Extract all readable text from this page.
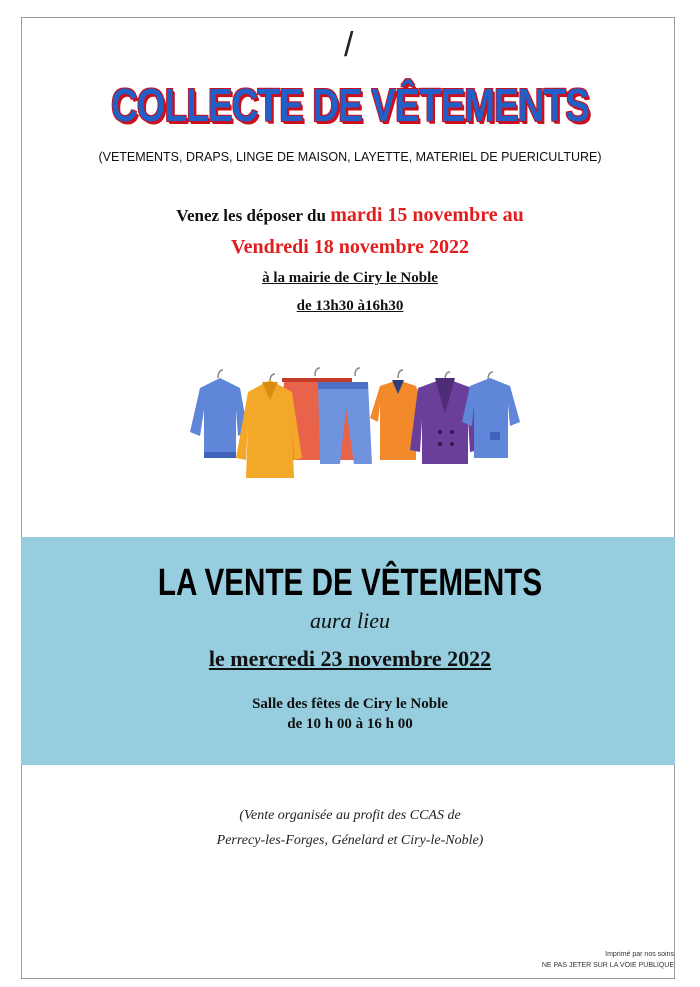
/
COLLECTE DE VÊTEMENTS
(VETEMENTS, DRAPS, LINGE DE MAISON, LAYETTE, MATERIEL DE PUERICULTURE)
Venez les déposer du mardi 15 novembre au
Vendredi 18 novembre 2022
à la mairie de Ciry le Noble
de 13h30 à16h30
LA VENTE DE VÊTEMENTS
aura lieu
le mercredi 23 novembre 2022
Salle des fêtes de Ciry le Noble
de 10 h 00 à 16 h 00
(Vente organisée au profit des CCAS de
Perrecy-les-Forges, Génelard et Ciry-le-Noble)
Imprimé par nos soins
NE PAS JETER SUR LA VOIE PUBLIQUE
